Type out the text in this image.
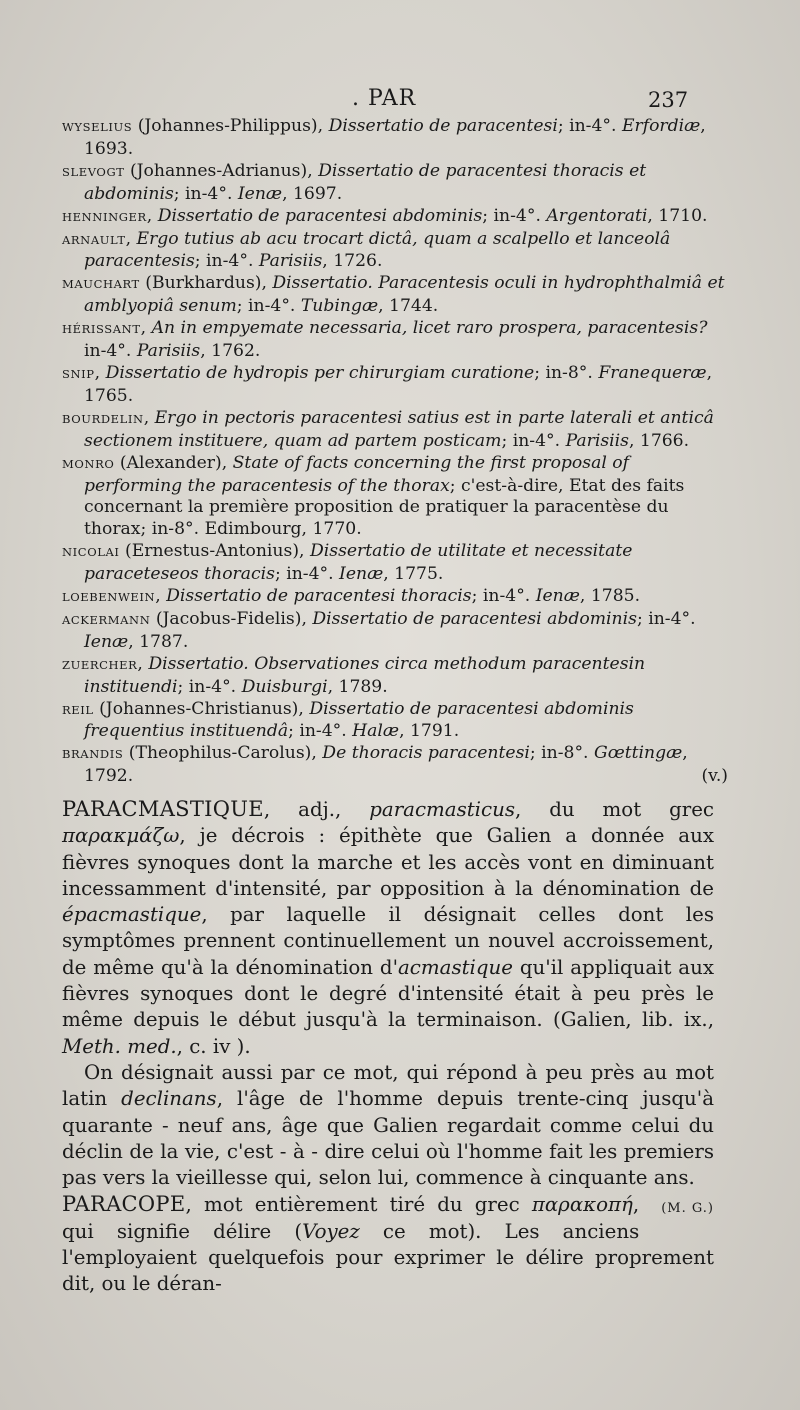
. PAR	237
WYSELIUS (Johannes-Philippus), Dissertatio de paracentesi; in-4°. Erfordiæ, 1693.
SLEVOGT (Johannes-Adrianus), Dissertatio de paracentesi thoracis et abdominis; in-4°. Ienæ, 1697.
HENNINGER, Dissertatio de paracentesi abdominis; in-4°. Argentorati, 1710.
ARNAULT, Ergo tutius ab acu trocart dictâ, quam a scalpello et lanceolâ paracentesis; in-4°. Parisiis, 1726.
MAUCHART (Burkhardus), Dissertatio. Paracentesis oculi in hydrophthalmiâ et amblyopiâ senum; in-4°. Tubingæ, 1744.
HÉRISSANT, An in empyemate necessaria, licet raro prospera, paracentesis? in-4°. Parisiis, 1762.
SNIP, Dissertatio de hydropis per chirurgiam curatione; in-8°. Franequeræ, 1765.
BOURDELIN, Ergo in pectoris paracentesi satius est in parte laterali et anticâ sectionem instituere, quam ad partem posticam; in-4°. Parisiis, 1766.
MONRO (Alexander), State of facts concerning the first proposal of performing the paracentesis of the thorax; c'est-à-dire, Etat des faits concernant la première proposition de pratiquer la paracentèse du thorax; in-8°. Edimbourg, 1770.
NICOLAI (Ernestus-Antonius), Dissertatio de utilitate et necessitate paraceteseos thoracis; in-4°. Ienæ, 1775.
LOEBENWEIN, Dissertatio de paracentesi thoracis; in-4°. Ienæ, 1785.
ACKERMANN (Jacobus-Fidelis), Dissertatio de paracentesi abdominis; in-4°. Ienæ, 1787.
ZUERCHER, Dissertatio. Observationes circa methodum paracentesin instituendi; in-4°. Duisburgi, 1789.
REIL (Johannes-Christianus), Dissertatio de paracentesi abdominis frequentius instituendâ; in-4°. Halæ, 1791.
BRANDIS (Theophilus-Carolus), De thoracis paracentesi; in-8°. Gœttingæ, 1792.	(v.)

PARACMASTIQUE, adj., paracmasticus, du mot grec παρακμάζω, je décrois : épithète que Galien a donnée aux fièvres synoques dont la marche et les accès vont en diminuant incessamment d'intensité, par opposition à la dénomination de épacmastique, par laquelle il désignait celles dont les symptômes prennent continuellement un nouvel accroissement, de même qu'à la dénomination d'acmastique qu'il appliquait aux fièvres synoques dont le degré d'intensité était à peu près le même depuis le début jusqu'à la terminaison. (Galien, lib. ix., Meth. med., c. iv ).

On désignait aussi par ce mot, qui répond à peu près au mot latin declinans, l'âge de l'homme depuis trente-cinq jusqu'à quarante - neuf ans, âge que Galien regardait comme celui du déclin de la vie, c'est - à - dire celui où l'homme fait les premiers pas vers la vieillesse qui, selon lui, commence à cinquante ans.
(M. G.)

PARACOPE, mot entièrement tiré du grec παρακοπή, qui signifie délire (Voyez ce mot). Les anciens l'employaient quelquefois pour exprimer le délire proprement dit, ou le déran-
